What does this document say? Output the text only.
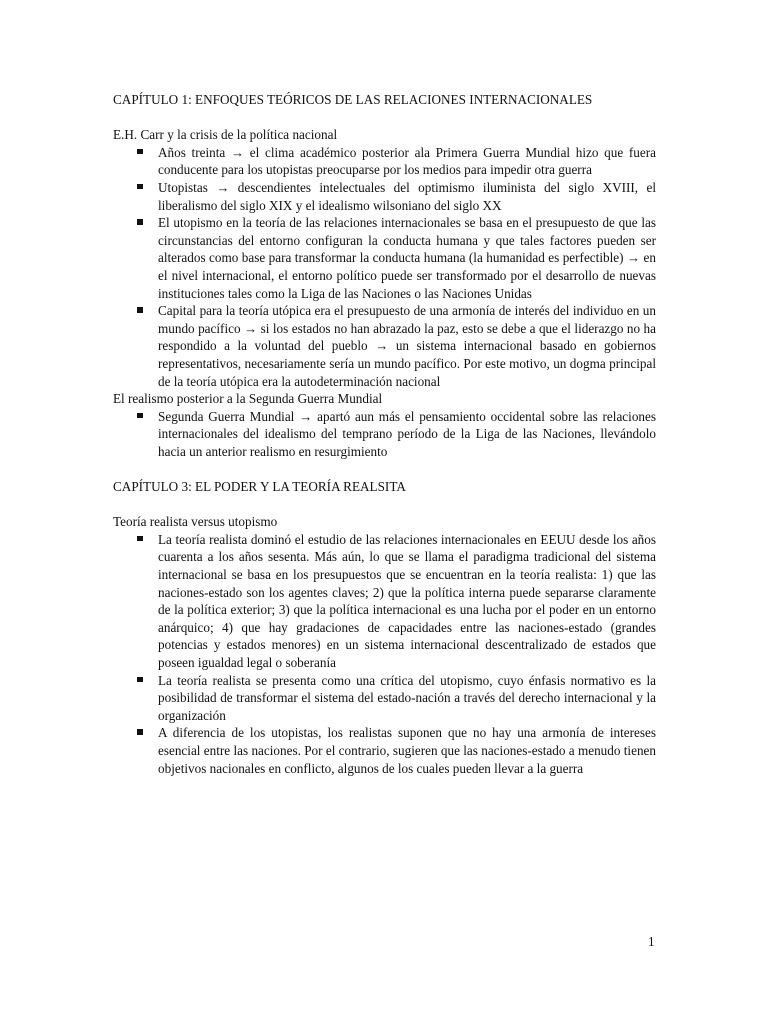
CAPÍTULO 1: ENFOQUES TEÓRICOS DE LAS RELACIONES INTERNACIONALES

E.H. Carr y la crisis de la política nacional

Años treinta → el clima académico posterior ala Primera Guerra Mundial hizo que fuera conducente para los utopistas preocuparse por los medios para impedir otra guerra
Utopistas → descendientes intelectuales del optimismo iluminista del siglo XVIII, el liberalismo del siglo XIX y el idealismo wilsoniano del siglo XX
El utopismo en la teoría de las relaciones internacionales se basa en el presupuesto de que las circunstancias del entorno configuran la conducta humana y que tales factores pueden ser alterados como base para transformar la conducta humana (la humanidad es perfectible) → en el nivel internacional, el entorno político puede ser transformado por el desarrollo de nuevas instituciones tales como la Liga de las Naciones o las Naciones Unidas
Capital para la teoría utópica era el presupuesto de una armonía de interés del individuo en un mundo pacífico → si los estados no han abrazado la paz, esto se debe a que el liderazgo no ha respondido a la voluntad del pueblo → un sistema internacional basado en gobiernos representativos, necesariamente sería un mundo pacífico. Por este motivo, un dogma principal de la teoría utópica era la autodeterminación nacional

El realismo posterior a la Segunda Guerra Mundial

Segunda Guerra Mundial → apartó aun más el pensamiento occidental sobre las relaciones internacionales del idealismo del temprano período de la Liga de las Naciones, llevándolo hacia un anterior realismo en resurgimiento

CAPÍTULO 3: EL PODER Y LA TEORÍA REALSITA

Teoría realista versus utopismo

La teoría realista dominó el estudio de las relaciones internacionales en EEUU desde los años cuarenta a los años sesenta. Más aún, lo que se llama el paradigma tradicional del sistema internacional se basa en los presupuestos que se encuentran en la teoría realista: 1) que las naciones-estado son los agentes claves; 2) que la política interna puede separarse claramente de la política exterior; 3) que la política internacional es una lucha por el poder en un entorno anárquico; 4) que hay gradaciones de capacidades entre las naciones-estado (grandes potencias y estados menores) en un sistema internacional descentralizado de estados que poseen igualdad legal o soberanía
La teoría realista se presenta como una crítica del utopismo, cuyo énfasis normativo es la posibilidad de transformar el sistema del estado-nación a través del derecho internacional y la organización
A diferencia de los utopistas, los realistas suponen que no hay una armonía de intereses esencial entre las naciones. Por el contrario, sugieren que las naciones-estado a menudo tienen objetivos nacionales en conflicto, algunos de los cuales pueden llevar a la guerra
1
